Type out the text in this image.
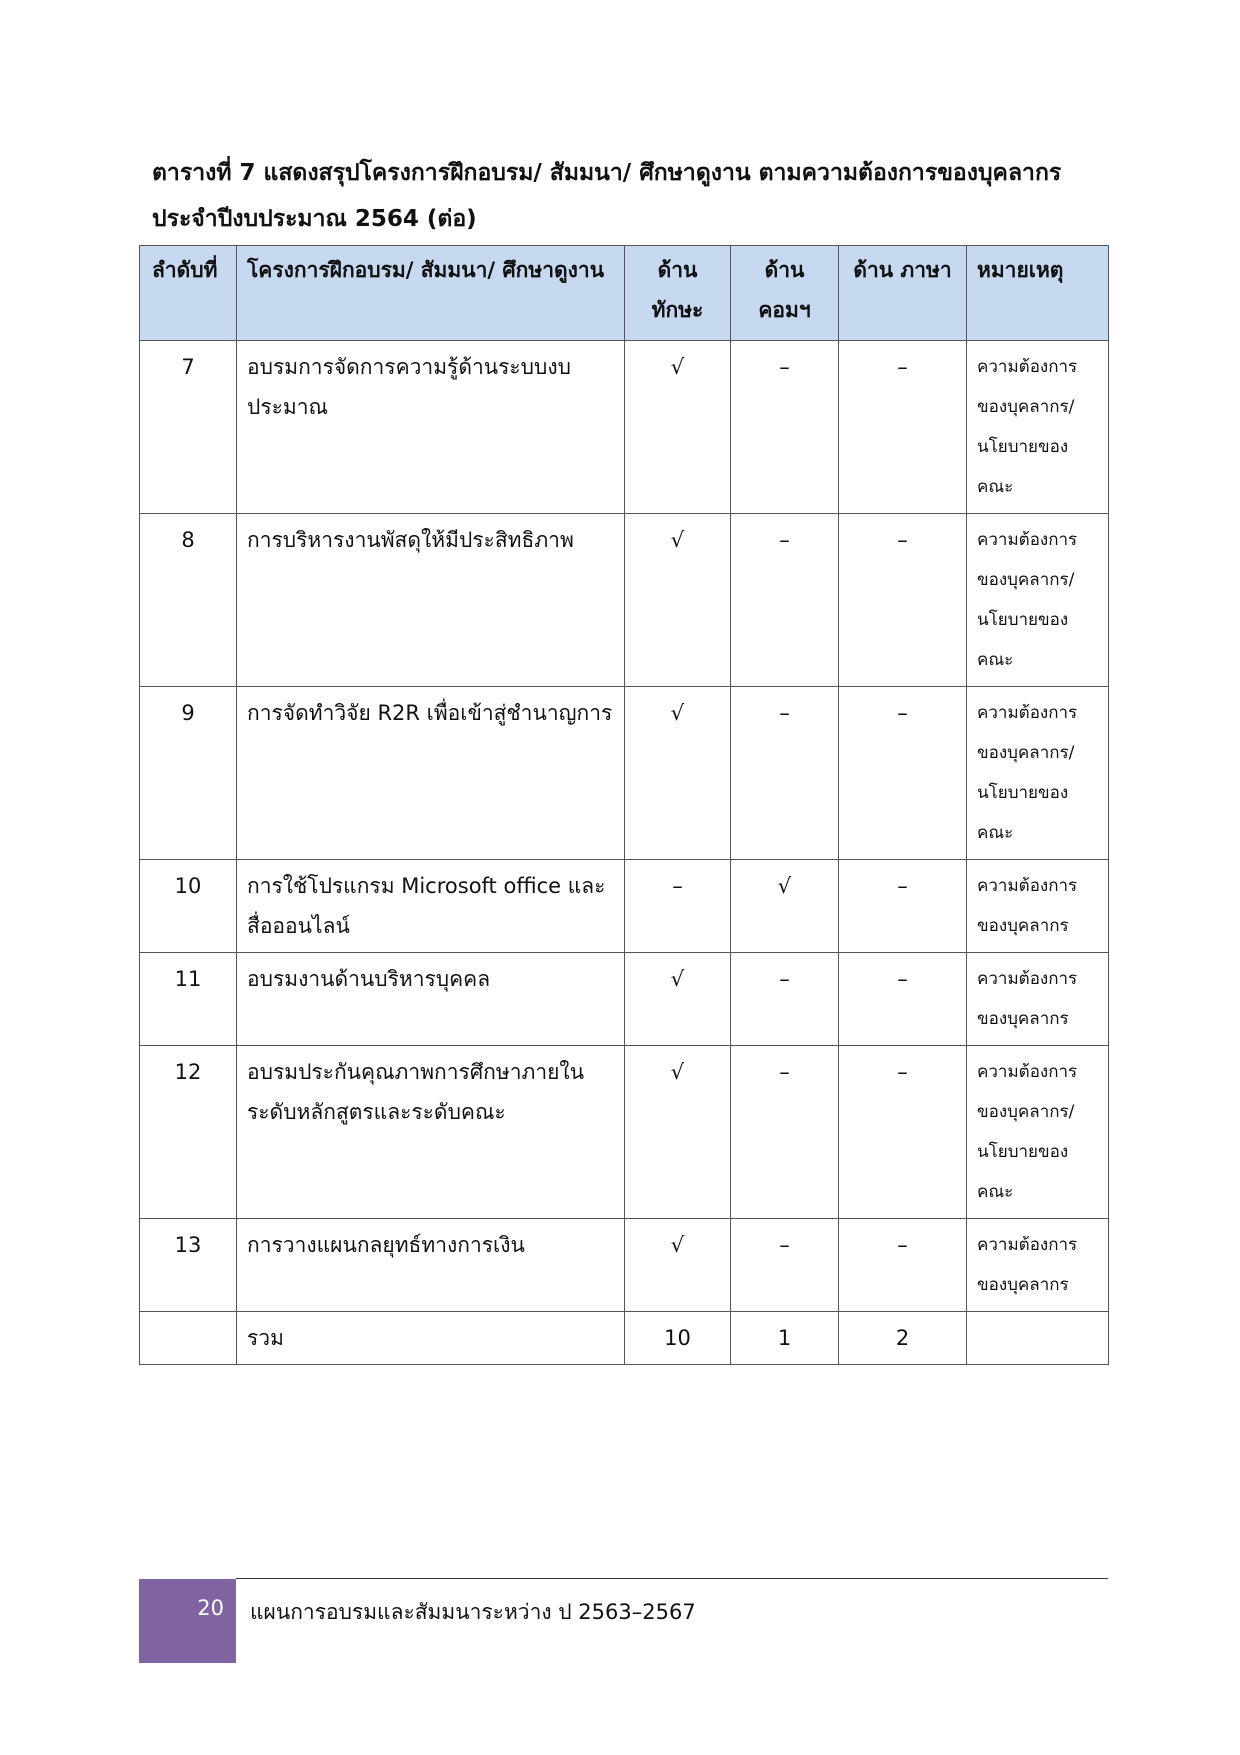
ตารางที่ 7 แสดงสรุปโครงการฝึกอบรม/ สัมมนา/ ศึกษาดูงาน ตามความต้องการของบุคลากร
ประจำปีงบประมาณ 2564 (ต่อ)
ลำดับที่	โครงการฝึกอบรม/ สัมมนา/ ศึกษาดูงาน	ด้าน ทักษะ	ด้าน คอมฯ	ด้าน ภาษา	หมายเหตุ
7	อบรมการจัดการความรู้ด้านระบบงบประมาณ	√	–	–	ความต้องการของบุคลากร/นโยบายของคณะ
8	การบริหารงานพัสดุให้มีประสิทธิภาพ	√	–	–	ความต้องการของบุคลากร/นโยบายของคณะ
9	การจัดทำวิจัย R2R เพื่อเข้าสู่ชำนาญการ	√	–	–	ความต้องการของบุคลากร/นโยบายของคณะ
10	การใช้โปรแกรม Microsoft office และสื่อออนไลน์	–	√	–	ความต้องการของบุคลากร
11	อบรมงานด้านบริหารบุคคล	√	–	–	ความต้องการของบุคลากร
12	อบรมประกันคุณภาพการศึกษาภายในระดับหลักสูตรและระดับคณะ	√	–	–	ความต้องการของบุคลากร/นโยบายของคณะ
13	การวางแผนกลยุทธ์ทางการเงิน	√	–	–	ความต้องการของบุคลากร
	รวม	10	1	2	
20	แผนการอบรมและสัมมนาระหว่าง ป 2563–2567
